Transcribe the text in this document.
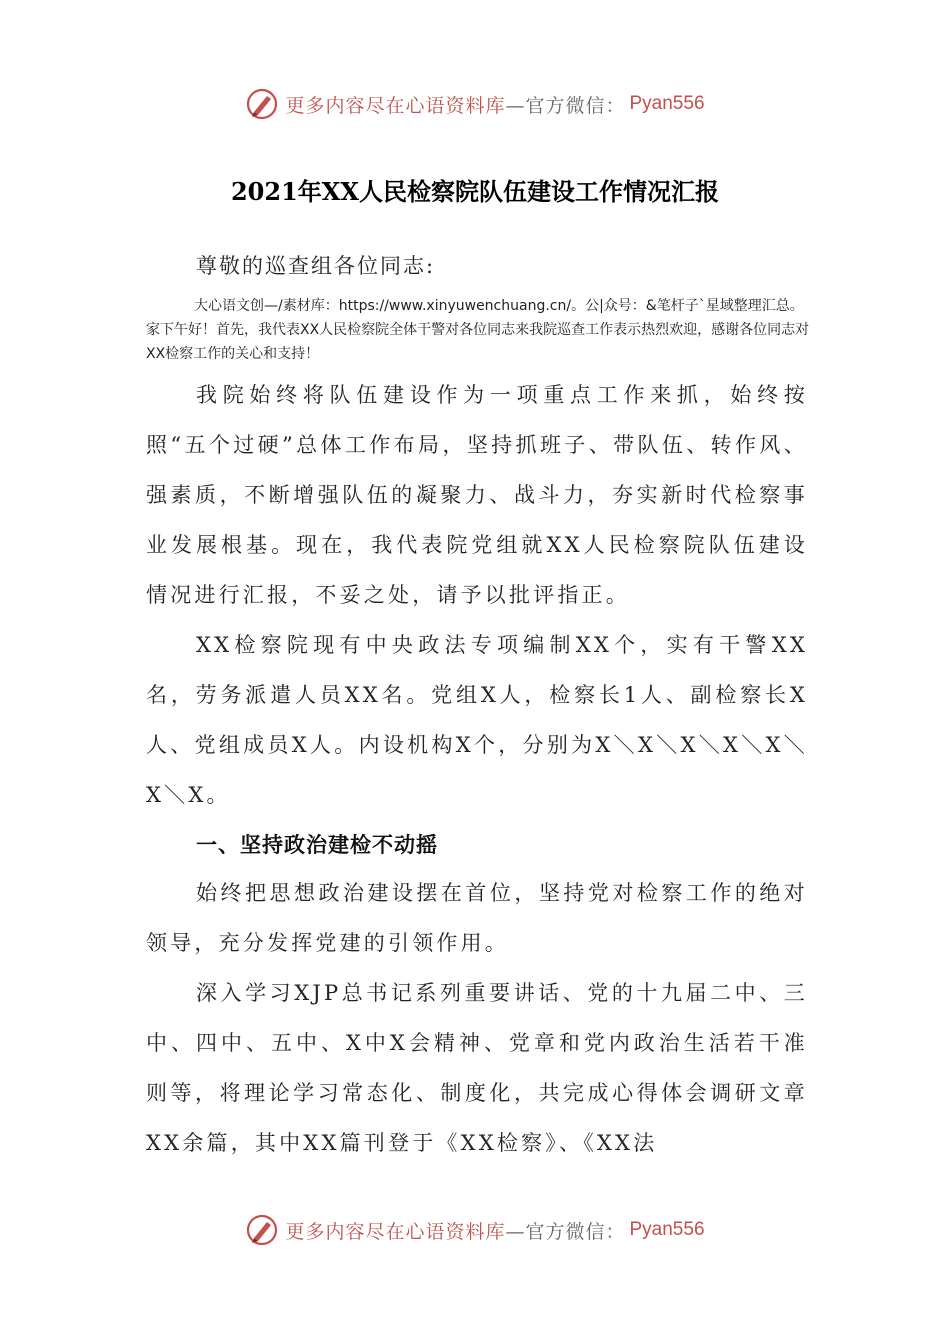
更多内容尽在心语资料库 —官方微信： Pyan556
2021年XX人民检察院队伍建设工作情况汇报

尊敬的巡查组各位同志:

大心语文创—/素材库：https://www.xinyuwenchuang.cn/。公|众号：&笔杆子`星域整理汇总。家下午好！首先，我代表XX人民检察院全体干警对各位同志来我院巡查工作表示热烈欢迎，感谢各位同志对XX检察工作的关心和支持！

我院始终将队伍建设作为一项重点工作来抓，始终按照“五个过硬”总体工作布局，坚持抓班子、带队伍、转作风、强素质，不断增强队伍的凝聚力、战斗力，夯实新时代检察事业发展根基。现在，我代表院党组就XX人民检察院队伍建设情况进行汇报，不妥之处，请予以批评指正。

XX检察院现有中央政法专项编制XX个，实有干警XX名，劳务派遣人员XX名。党组X人，检察长1人、副检察长X人、党组成员X人。内设机构X个，分别为X＼X＼X＼X＼X＼X＼X。

一、坚持政治建检不动摇

始终把思想政治建设摆在首位，坚持党对检察工作的绝对领导，充分发挥党建的引领作用。

深入学习XJP总书记系列重要讲话、党的十九届二中、三中、四中、五中、X中X会精神、党章和党内政治生活若干准则等，将理论学习常态化、制度化，共完成心得体会调研文章XX余篇，其中XX篇刊登于《XX检察》、《XX法

更多内容尽在心语资料库 —官方微信： Pyan556
